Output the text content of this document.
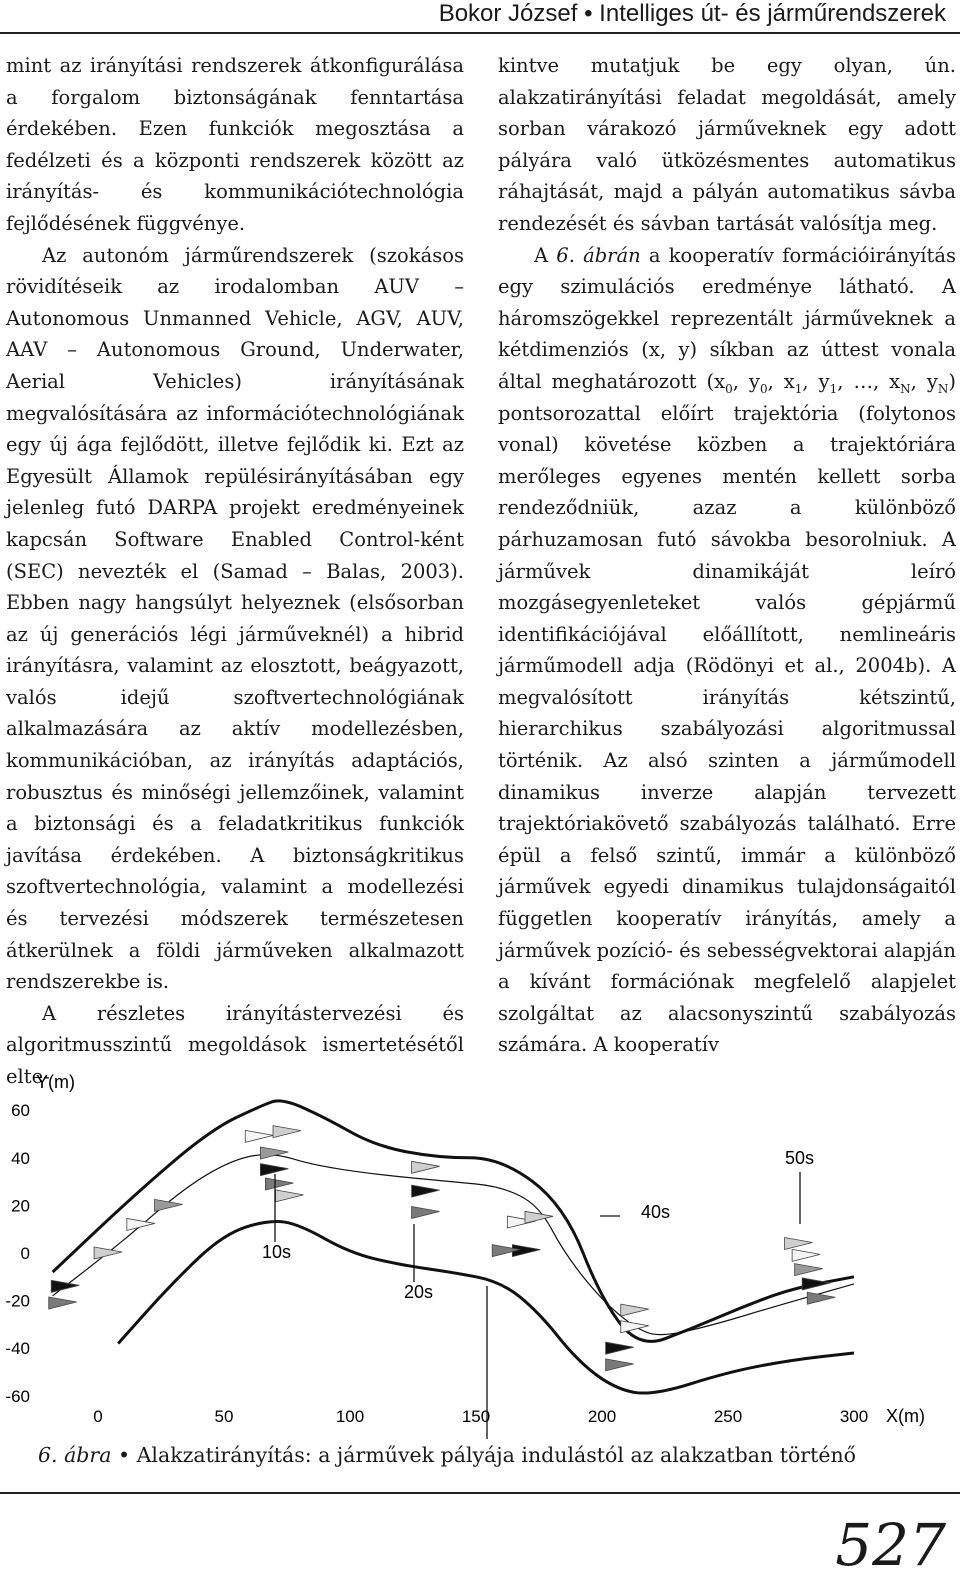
Bokor József • Intelliges út- és járműrendszerek

mint az irányítási rendszerek átkonfigurálása a forgalom biztonságának fenntartása érdekében. Ezen funkciók megosztása a fedélzeti és a központi rendszerek között az irányítás- és kommunikációtechnológia fejlődésének függvénye.

Az autonóm járműrendszerek (szokásos rövidítéseik az irodalomban AUV – Autonomous Unmanned Vehicle, AGV, AUV, AAV – Autonomous Ground, Underwater, Aerial Vehicles) irányításának megvalósítására az információtechnológiának egy új ága fejlődött, illetve fejlődik ki. Ezt az Egyesült Államok repülésirányításában egy jelenleg futó DARPA projekt eredményeinek kapcsán Software Enabled Control-ként (SEC) nevezték el (Samad – Balas, 2003). Ebben nagy hangsúlyt helyeznek (elsősorban az új generációs légi járműveknél) a hibrid irányításra, valamint az elosztott, beágyazott, valós idejű szoftvertechnológiának alkalmazására az aktív modellezésben, kommunikációban, az irányítás adaptációs, robusztus és minőségi jellemzőinek, valamint a biztonsági és a feladatkritikus funkciók javítása érdekében. A biztonságkritikus szoftvertechnológia, valamint a modellezési és tervezési módszerek természetesen átkerülnek a földi járműveken alkalmazott rendszerekbe is.

A részletes irányítástervezési és algoritmusszintű megoldások ismertetésétől elte-

kintve mutatjuk be egy olyan, ún. alakzatirányítási feladat megoldását, amely sorban várakozó járműveknek egy adott pályára való ütközésmentes automatikus ráhajtását, majd a pályán automatikus sávba rendezését és sávban tartását valósítja meg.

A 6. ábrán a kooperatív formációirányítás egy szimulációs eredménye látható. A háromszögekkel reprezentált járműveknek a kétdimenziós (x, y) síkban az úttest vonala által meghatározott ($x_0$, $y_0$, $x_1$, $y_1$, …, $x_N$, $y_N$) pontsorozattal előírt trajektória (folytonos vonal) követése közben a trajektóriára merőleges egyenes mentén kellett sorba rendeződniük, azaz a különböző párhuzamosan futó sávokba besorolniuk. A járművek dinamikáját leíró mozgásegyenleteket valós gépjármű identifikációjával előállított, nemlineáris járműmodell adja (Rödönyi et al., 2004b). A megvalósított irányítás kétszintű, hierarchikus szabályozási algoritmussal történik. Az alsó szinten a járműmodell dinamikus inverze alapján tervezett trajektóriakövető szabályozás található. Erre épül a felső szintű, immár a különböző járművek egyedi dinamikus tulajdonságaitól független kooperatív irányítás, amely a járművek pozíció- és sebességvektorai alapján a kívánt formációnak megfelelő alapjelet szolgáltat az alacsonyszintű szabályozás számára. A kooperatív

Y(m)
60
40
20
0
-20
-40
-60
0	50	100	150	200	250	300 X(m)
10s
20s
40s
50s
6. ábra • Alakzatirányítás: a járművek pályája indulástól az alakzatban történő
527
